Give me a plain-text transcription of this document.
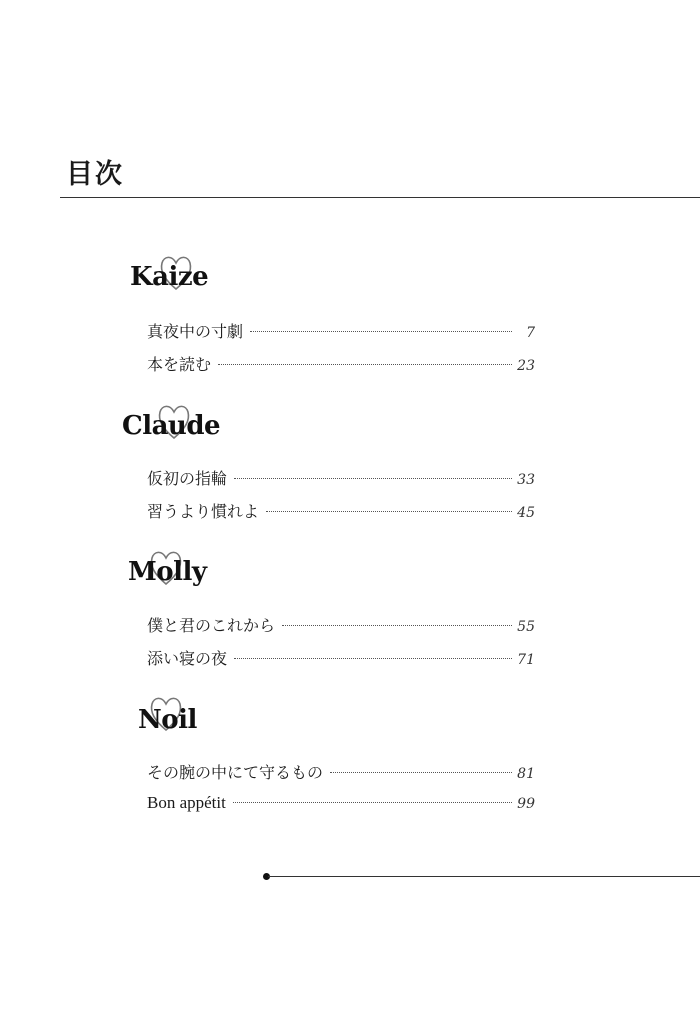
目次
Kaize
真夜中の寸劇	7
本を読む	23
Claude
仮初の指輪	33
習うより慣れよ	45
Molly
僕と君のこれから	55
添い寝の夜	71
Noil
その腕の中にて守るもの	81
Bon appétit	99
